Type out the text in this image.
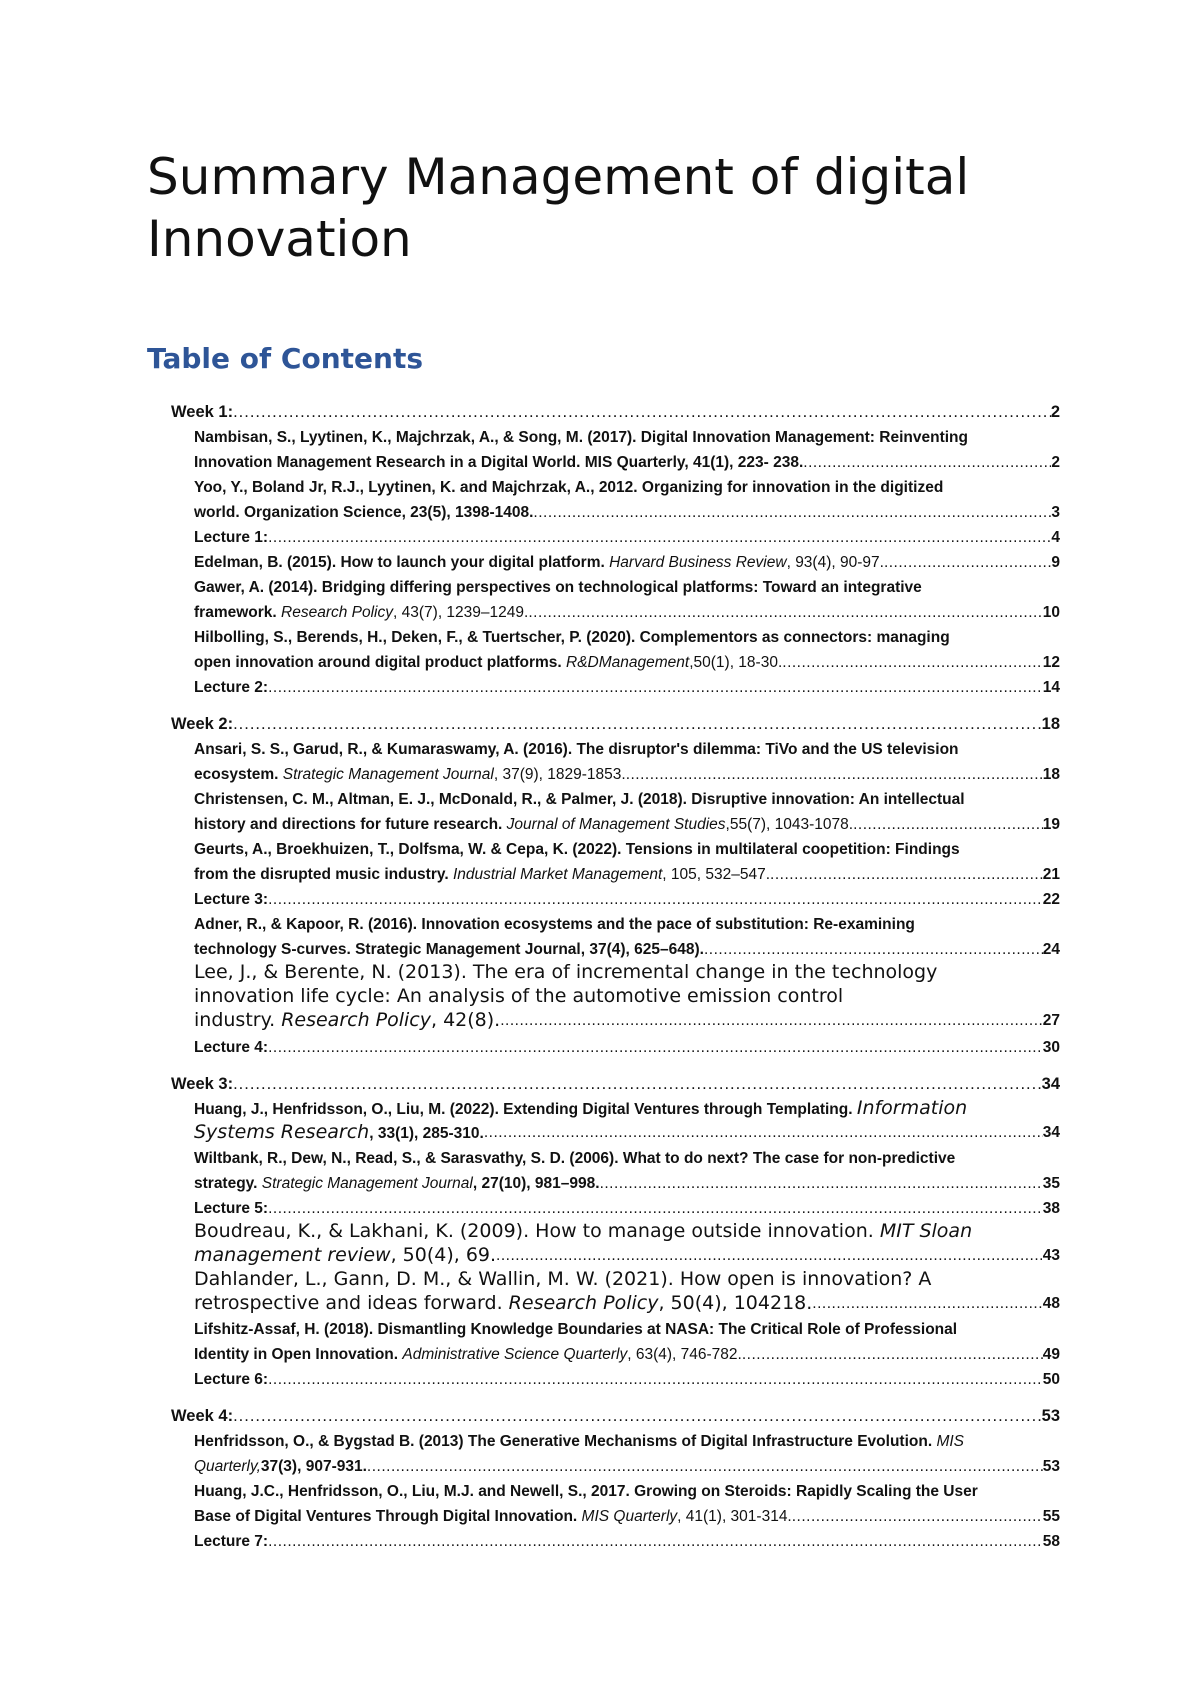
Summary Management of digital Innovation
Table of Contents
Week 1: .....	2
Nambisan, S., Lyytinen, K., Majchrzak, A., & Song, M. (2017). Digital Innovation Management: Reinventing
Innovation Management Research in a Digital World. MIS Quarterly, 41(1), 223- 238. .....	2
Yoo, Y., Boland Jr, R.J., Lyytinen, K. and Majchrzak, A., 2012. Organizing for innovation in the digitized
world. Organization Science, 23(5), 1398-1408. .....	3
Lecture 1: .....	4
Edelman, B. (2015). How to launch your digital platform. Harvard Business Review, 93(4), 90-97. .....	9
Gawer, A. (2014). Bridging differing perspectives on technological platforms: Toward an integrative
framework. Research Policy, 43(7), 1239–1249. .....	10
Hilbolling, S., Berends, H., Deken, F., & Tuertscher, P. (2020). Complementors as connectors: managing
open innovation around digital product platforms. R&DManagement,50(1), 18-30. .....	12
Lecture 2: .....	14
Week 2: .....	18
Ansari, S. S., Garud, R., & Kumaraswamy, A. (2016). The disruptor's dilemma: TiVo and the US television
ecosystem. Strategic Management Journal, 37(9), 1829-1853. .....	18
Christensen, C. M., Altman, E. J., McDonald, R., & Palmer, J. (2018). Disruptive innovation: An intellectual
history and directions for future research. Journal of Management Studies,55(7), 1043-1078. .....	19
Geurts, A., Broekhuizen, T., Dolfsma, W. & Cepa, K. (2022). Tensions in multilateral coopetition: Findings
from the disrupted music industry. Industrial Market Management, 105, 532–547. .....	21
Lecture 3: .....	22
Adner, R., & Kapoor, R. (2016). Innovation ecosystems and the pace of substitution: Re-examining
technology S-curves. Strategic Management Journal, 37(4), 625–648). .....	24
Lee, J., & Berente, N. (2013). The era of incremental change in the technology
innovation life cycle: An analysis of the automotive emission control
industry. Research Policy, 42(8). .....	27
Lecture 4: .....	30
Week 3: .....	34
Huang, J., Henfridsson, O., Liu, M. (2022). Extending Digital Ventures through Templating. Information
Systems Research, 33(1), 285-310. .....	34
Wiltbank, R., Dew, N., Read, S., & Sarasvathy, S. D. (2006). What to do next? The case for non-predictive
strategy. Strategic Management Journal, 27(10), 981–998. .....	35
Lecture 5: .....	38
Boudreau, K., & Lakhani, K. (2009). How to manage outside innovation. MIT Sloan
management review, 50(4), 69. .....	43
Dahlander, L., Gann, D. M., & Wallin, M. W. (2021). How open is innovation? A
retrospective and ideas forward. Research Policy, 50(4), 104218. .....	48
Lifshitz-Assaf, H. (2018). Dismantling Knowledge Boundaries at NASA: The Critical Role of Professional
Identity in Open Innovation. Administrative Science Quarterly, 63(4), 746-782. .....	49
Lecture 6: .....	50
Week 4: .....	53
Henfridsson, O., & Bygstad B. (2013) The Generative Mechanisms of Digital Infrastructure Evolution. MIS
Quarterly,37(3), 907-931. .....	53
Huang, J.C., Henfridsson, O., Liu, M.J. and Newell, S., 2017. Growing on Steroids: Rapidly Scaling the User
Base of Digital Ventures Through Digital Innovation. MIS Quarterly, 41(1), 301-314. .....	55
Lecture 7: .....	58
